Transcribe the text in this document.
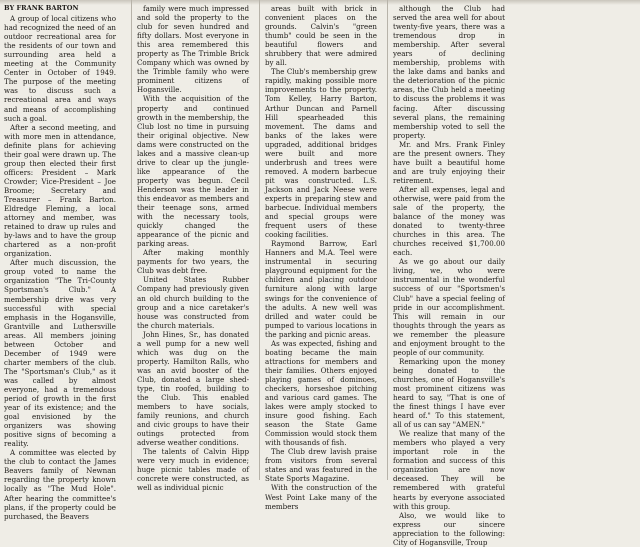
BY FRANK BARTON

A group of local citizens who had recognized the need of an outdoor recreational area for the residents of our town and surrounding area held a meeting at the Community Center in October of 1949. The purpose of the meeting was to discuss such a recreational area and ways and means of accomplishing such a goal.

After a second meeting, and with more men in attendance, definite plans for achieving their goal were drawn up. The group then elected their first officers: President – Mark Crowder; Vice-President – Joe Broome; Secretary and Treasurer – Frank Barton. Eldredge Fleming, a local attorney and member, was retained to draw up rules and by-laws and to have the group chartered as a non-profit organization.

After much discussion, the group voted to name the organization "The Tri-County Sportsman's Club." A membership drive was very successful with special emphasis in the Hogansville, Grantville and Luthersville areas. All members joining between October and December of 1949 were charter members of the club. The "Sportsman's Club," as it was called by almost everyone, had a tremendous period of growth in the first year of its existence; and the goal envisioned by the organizers was showing positive signs of becoming a reality.

A committee was elected by the club to contact the James Beavers family of Newnan regarding the property known locally as "The Mud Hole". After hearing the committee's plans, if the property could be purchased, the Beavers

family were much impressed and sold the property to the club for seven hundred and fifty dollars. Most everyone in this area remembered this property as The Trimble Brick Company which was owned by the Trimble family who were prominent citizens of Hogansville.

With the acquisition of the property and continued growth in the membership, the Club lost no time in pursuing their original objective. New dams were constructed on the lakes and a massive clean-up drive to clear up the jungle-like appearance of the property was begun. Cecil Henderson was the leader in this endeavor as members and their teenage sons, armed with the necessary tools, quickly changed the appearance of the picnic and parking areas.

After making monthly payments for two years, the Club was debt free.

United States Rubber Company had previously given an old church building to the group and a nice caretaker's house was constructed from the church materials.

John Hines, Sr., has donated a well pump for a new well which was dug on the property. Hamilton Ralls, who was an avid booster of the Club, donated a large shed-type, tin roofed, building to the Club. This enabled members to have socials, family reunions, and church and civic groups to have their outings protected from adverse weather conditions.

The talents of Calvin Hipp were very much in evidence; huge picnic tables made of concrete were constructed, as well as individual picnic

areas built with brick in convenient places on the grounds. Calvin's "green thumb" could be seen in the beautiful flowers and shrubbery that were admired by all.

The Club's membership grew rapidly, making possible more improvements to the property. Tom Kelley, Harry Barton, Arthur Duncan and Parnell Hill spearheaded this movement. The dams and banks of the lakes were upgraded, additional bridges were built and more underbrush and trees were removed. A modern barbecue pit was constructed. L.S. Jackson and Jack Neese were experts in preparing stew and barbecue. Individual members and special groups were frequent users of these cooking facilities.

Raymond Barrow, Earl Hanners and M.A. Teel were instrumental in securing playground equipment for the children and placing outdoor furniture along with large swings for the convenience of the adults. A new well was drilled and water could be pumped to various locations in the parking and picnic areas.

As was expected, fishing and boating became the main attractions for members and their families. Others enjoyed playing games of dominoes, checkers, horseshoe pitching and various card games. The lakes were amply stocked to insure good fishing. Each season the State Game Commission would stock them with thousands of fish.

The Club drew lavish praise from visitors from several states and was featured in the State Sports Magazine.

With the construction of the West Point Lake many of the members

although the Club had served the area well for about twenty-five years, there was a tremendous drop in membership. After several years of declining membership, problems with the lake dams and banks and the deterioration of the picnic areas, the Club held a meeting to discuss the problems it was facing. After discussing several plans, the remaining membership voted to sell the property.

Mr. and Mrs. Frank Finley are the present owners. They have built a beautiful home and are truly enjoying their retirement.

After all expenses, legal and otherwise, were paid from the sale of the property, the balance of the money was donated to twenty-three churches in this area. The churches received $1,700.00 each.

As we go about our daily living, we, who were instrumental in the wonderful success of our "Sportsmen's Club" have a special feeling of pride in our accomplishment. This will remain in our thoughts through the years as we remember the pleasure and enjoyment brought to the people of our community.

Remarking upon the money being donated to the churches, one of Hogansville's most prominent citizens was heard to say, "That is one of the finest things I have ever heard of." To this statement, all of us can say "AMEN."

We realize that many of the members who played a very important role in the formation and success of this organization are now deceased. They will be remembered with grateful hearts by everyone associated with this group.

Also, we would like to express our sincere appreciation to the following: City of Hogansville, Troup
